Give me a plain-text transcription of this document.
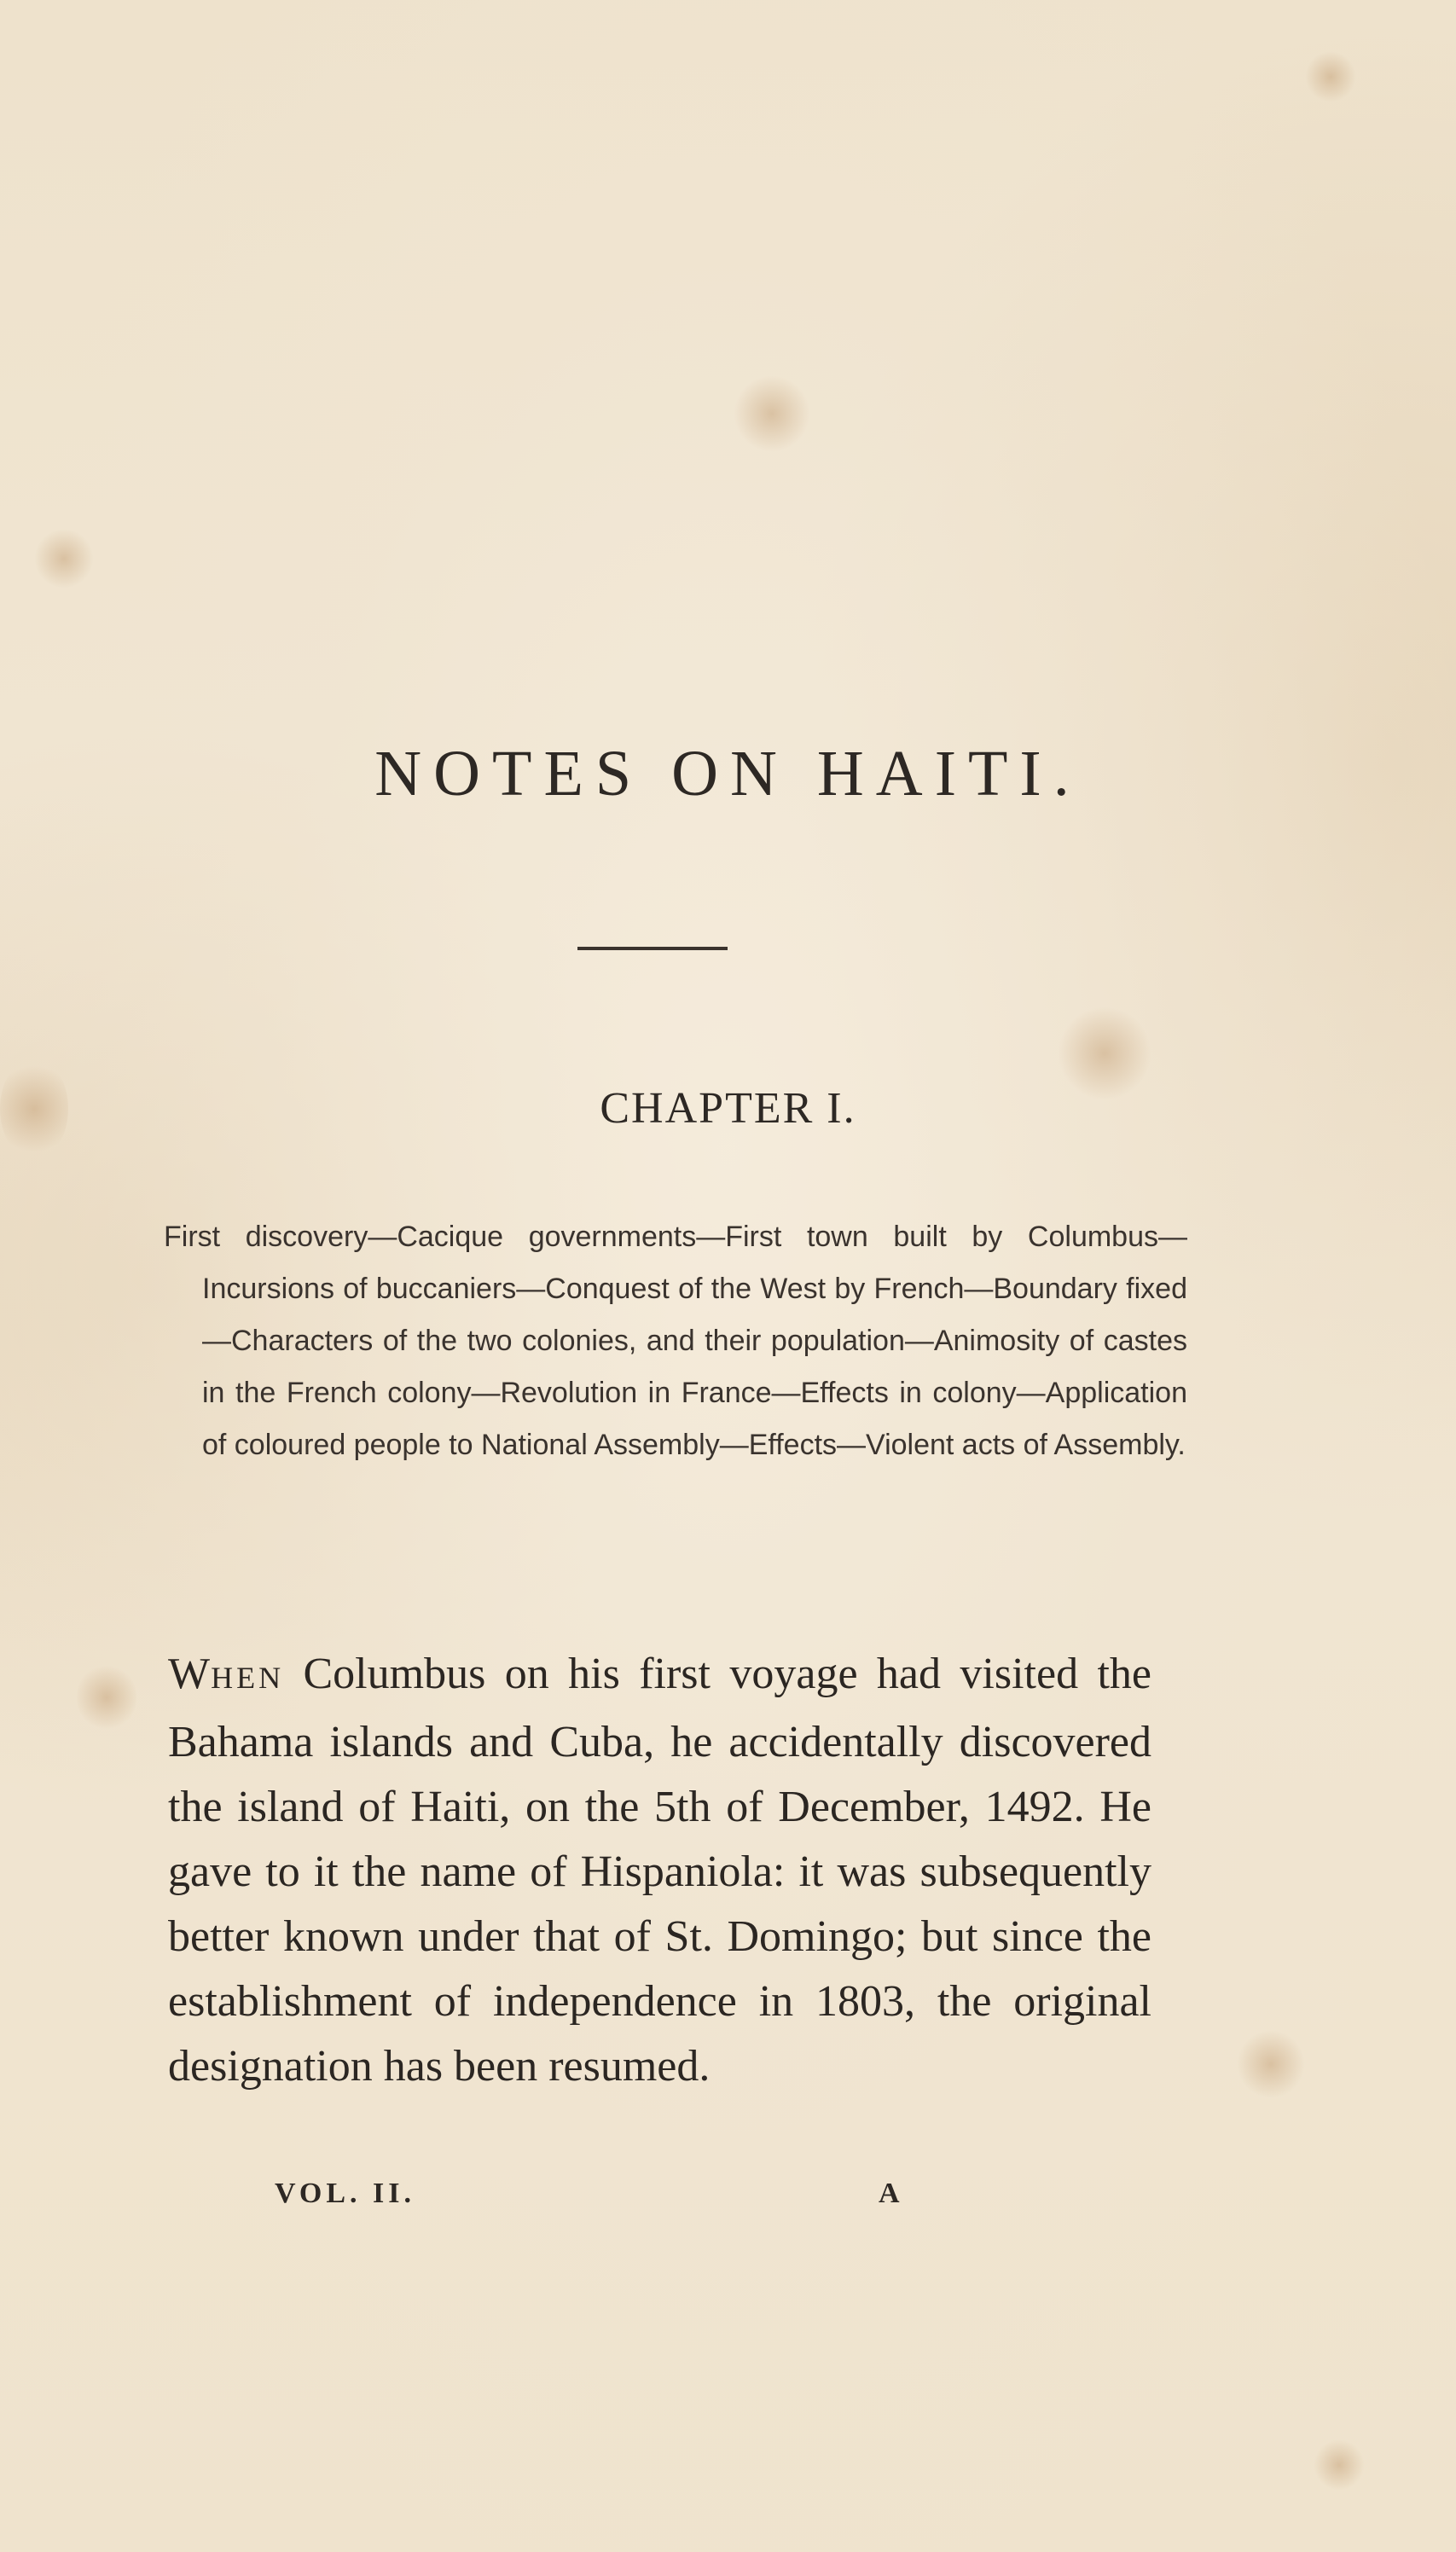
NOTES ON HAITI.
CHAPTER I.

First discovery—Cacique governments—First town built by Columbus—Incursions of buccaniers—Conquest of the West by French—Boundary fixed—Characters of the two colonies, and their population—Animosity of castes in the French colony—Revolution in France—Effects in colony—Application of coloured people to National Assembly—Effects—Violent acts of Assembly.

WHEN Columbus on his first voyage had visited the Bahama islands and Cuba, he accidentally discovered the island of Haiti, on the 5th of December, 1492. He gave to it the name of Hispaniola: it was subsequently better known under that of St. Domingo; but since the establishment of independence in 1803, the original designation has been resumed.

VOL. II.	A
